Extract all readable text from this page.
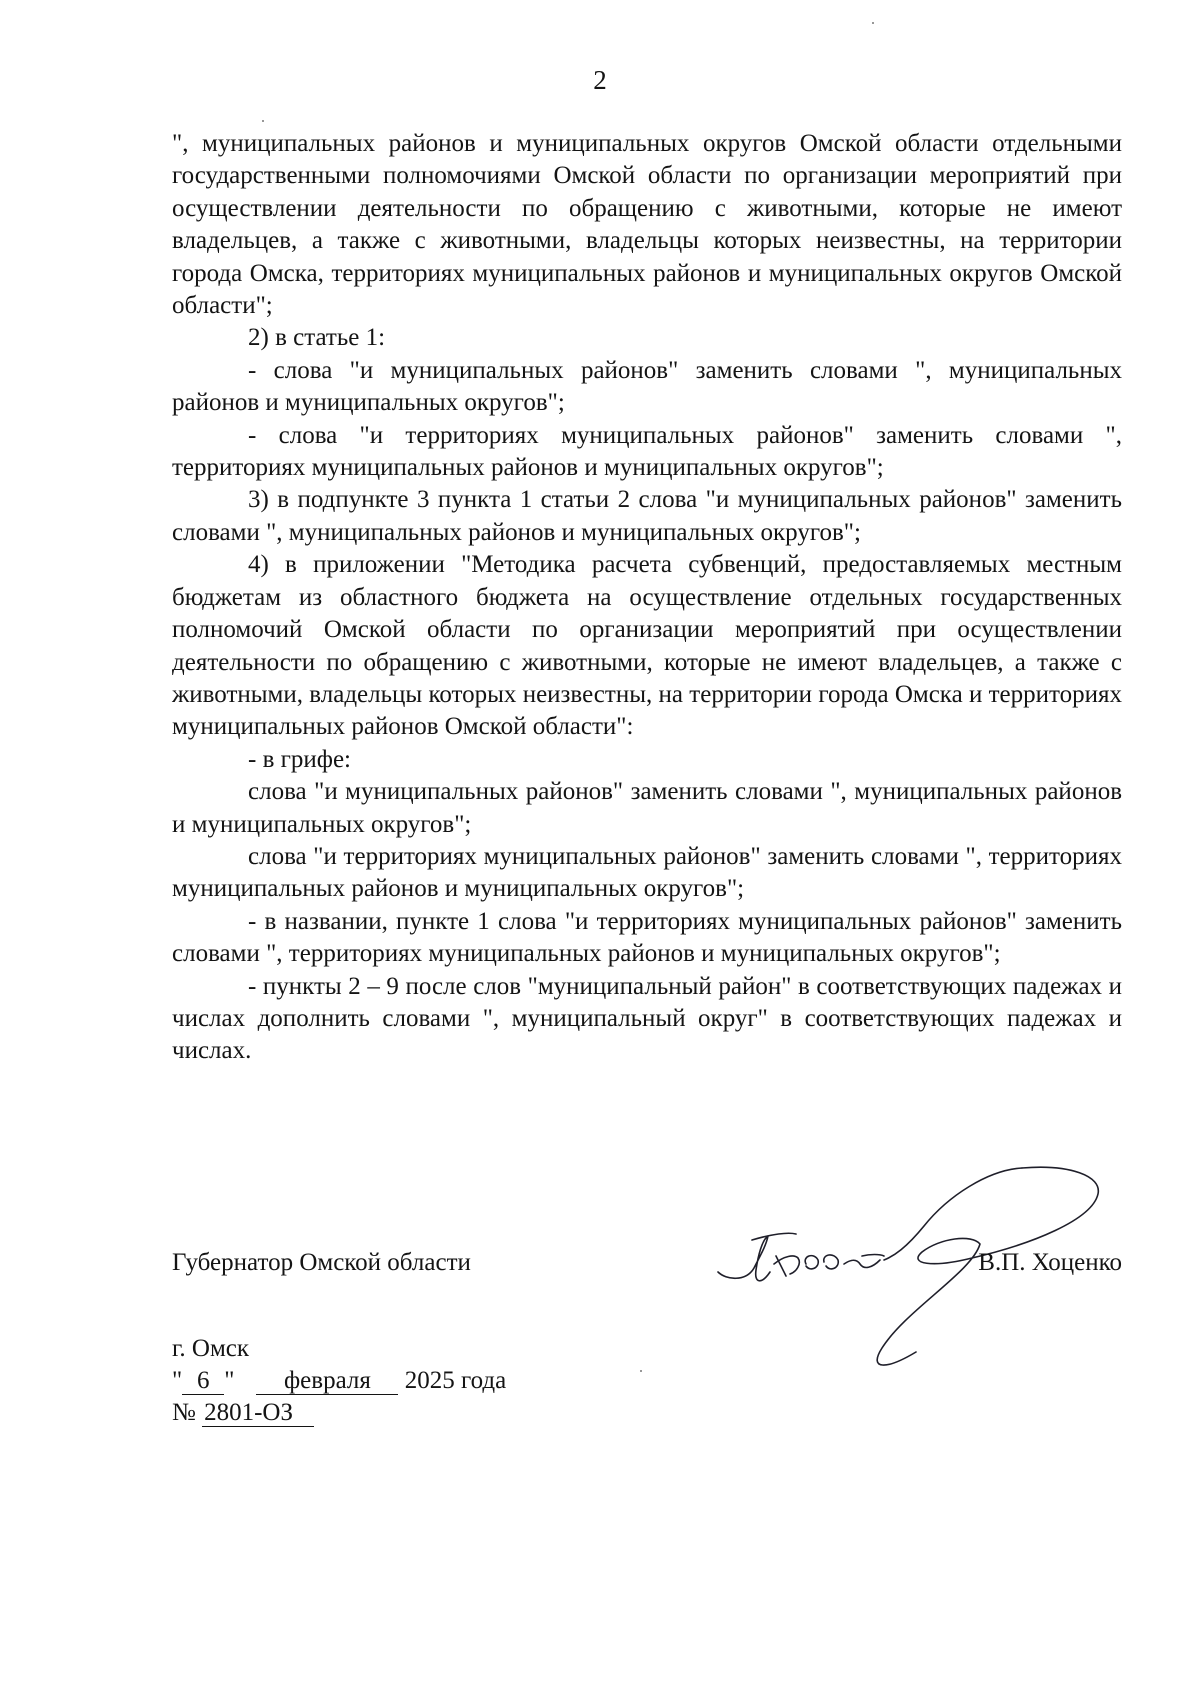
2

", муниципальных районов и муниципальных округов Омской области отдельными государственными полномочиями Омской области по организации мероприятий при осуществлении деятельности по обращению с животными, которые не имеют владельцев, а также с животными, владельцы которых неизвестны, на территории города Омска, территориях муниципальных районов и муниципальных округов Омской области";

2) в статье 1:

- слова "и муниципальных районов" заменить словами ", муниципальных районов и муниципальных округов";

- слова "и территориях муниципальных районов" заменить словами ", территориях муниципальных районов и муниципальных округов";

3) в подпункте 3 пункта 1 статьи 2 слова "и муниципальных районов" заменить словами ", муниципальных районов и муниципальных округов";

4) в приложении "Методика расчета субвенций, предоставляемых местным бюджетам из областного бюджета на осуществление отдельных государственных полномочий Омской области по организации мероприятий при осуществлении деятельности по обращению с животными, которые не имеют владельцев, а также с животными, владельцы которых неизвестны, на территории города Омска и территориях муниципальных районов Омской области":

- в грифе:

слова "и муниципальных районов" заменить словами ", муниципальных районов и муниципальных округов";

слова "и территориях муниципальных районов" заменить словами ", территориях муниципальных районов и муниципальных округов";

- в названии, пункте 1 слова "и территориях муниципальных районов" заменить словами ", территориях муниципальных районов и муниципальных округов";

- пункты 2 – 9 после слов "муниципальный район" в соответствующих падежах и числах дополнить словами ", муниципальный округ" в соответствующих падежах и числах.

Губернатор Омской области	В.П. Хоценко
г. Омск
" 6 " февраля 2025 года
№ 2801-ОЗ
